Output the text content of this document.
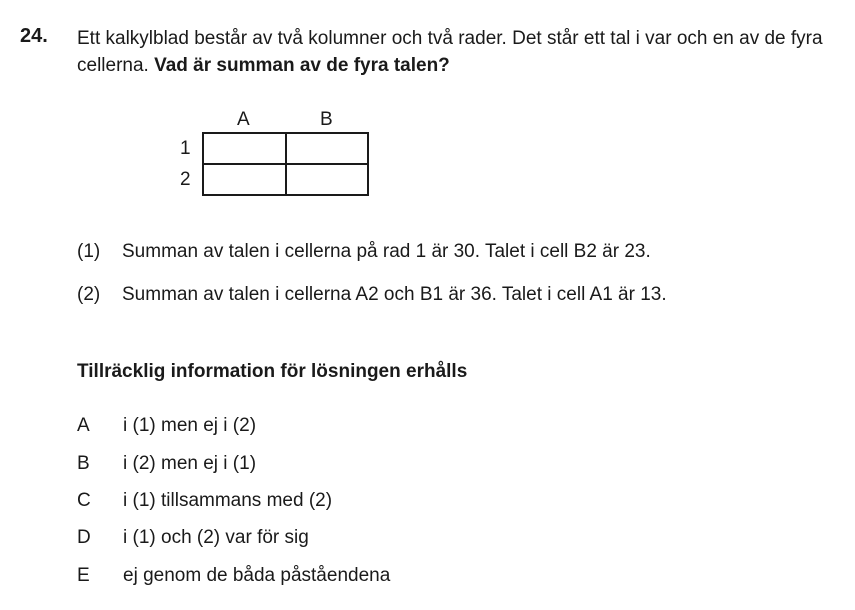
24. Ett kalkylblad består av två kolumner och två rader. Det står ett tal i var och en av de fyra cellerna. Vad är summan av de fyra talen?
A	B
1
2

(1) Summan av talen i cellerna på rad 1 är 30. Talet i cell B2 är 23.
(2) Summan av talen i cellerna A2 och B1 är 36. Talet i cell A1 är 13.
Tillräcklig information för lösningen erhålls
A i (1) men ej i (2)
B i (2) men ej i (1)
C i (1) tillsammans med (2)
D i (1) och (2) var för sig
E ej genom de båda påståendena
